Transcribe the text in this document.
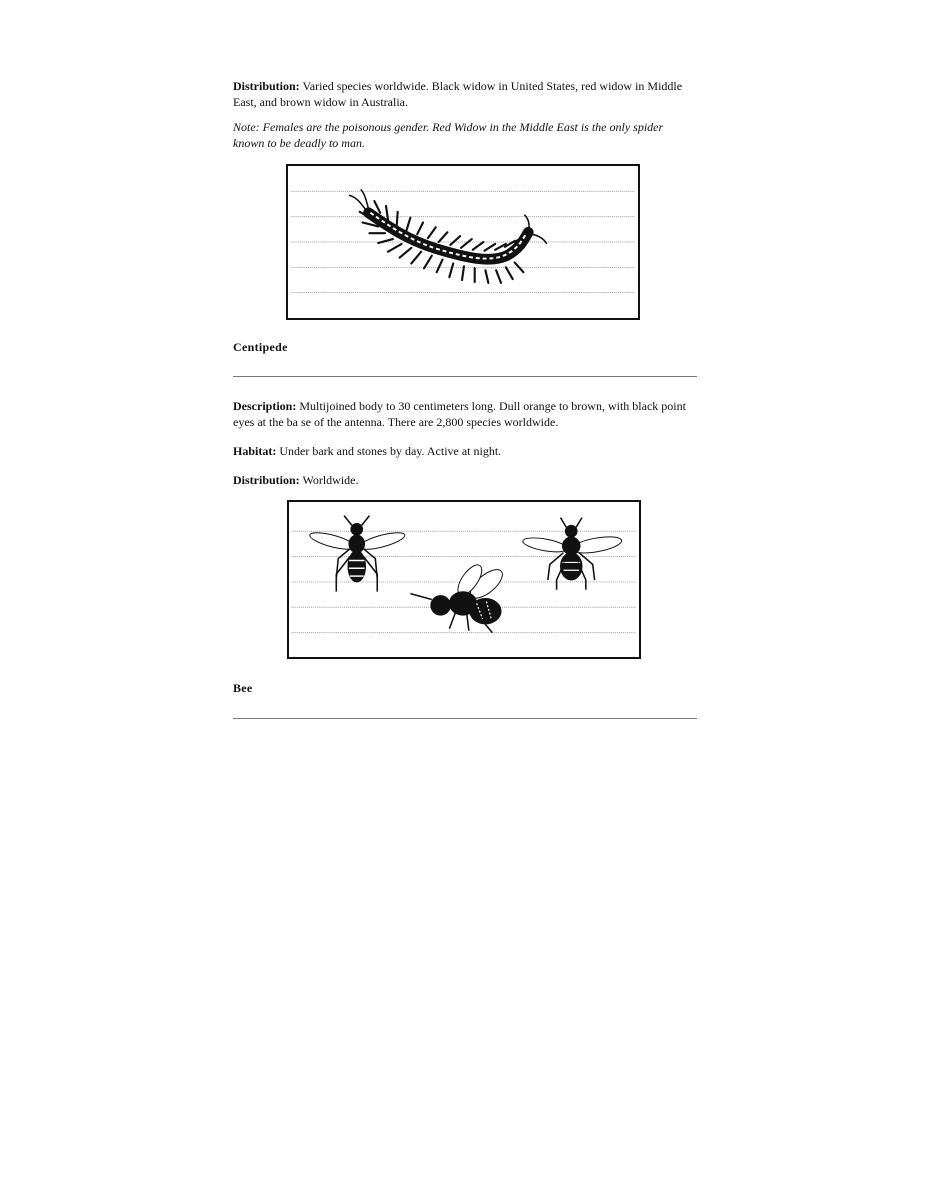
Distribution: Varied species worldwide. Black widow in United States, red widow in Middle East, and brown widow in Australia.

Note: Females are the poisonous gender. Red Widow in the Middle East is the only spider known to be deadly to man.

Centipede

Description: Multijoined body to 30 centimeters long. Dull orange to brown, with black point eyes at the ba se of the antenna. There are 2,800 species worldwide.

Habitat: Under bark and stones by day. Active at night.

Distribution: Worldwide.

Bee
